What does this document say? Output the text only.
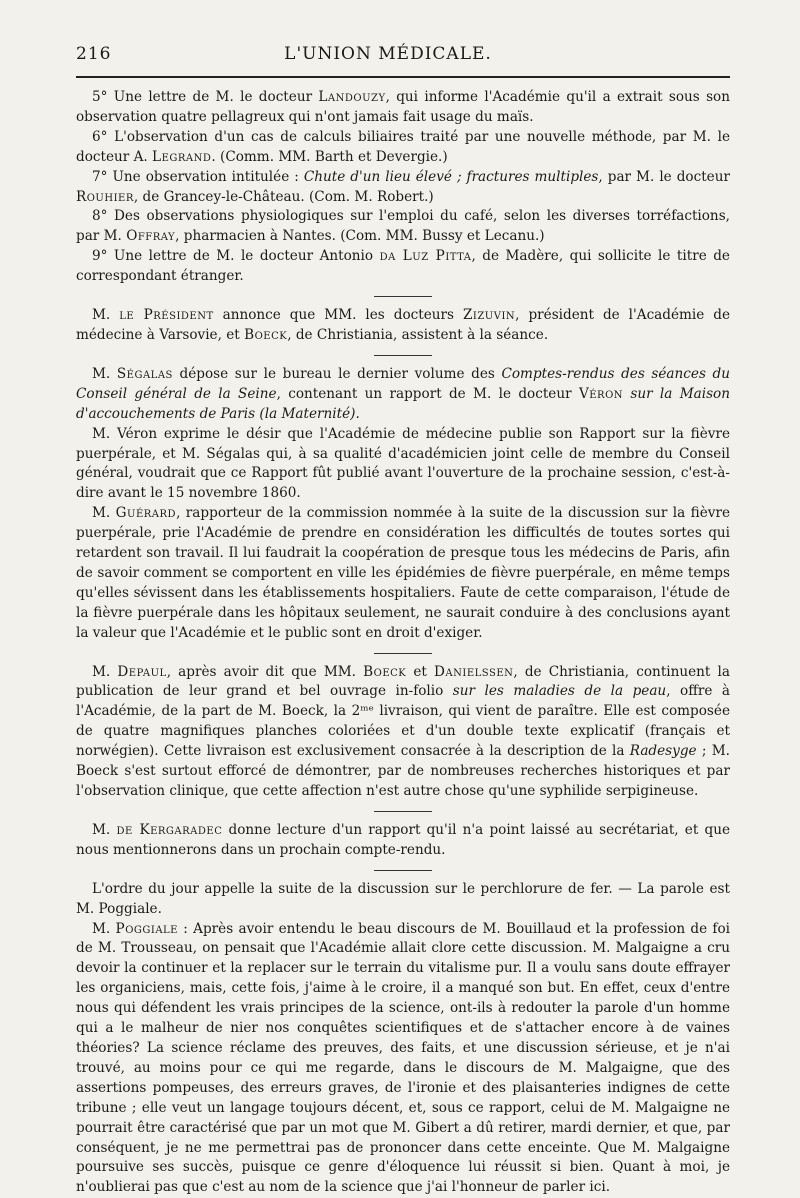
216	L'UNION MÉDICALE.

5° Une lettre de M. le docteur Landouzy, qui informe l'Académie qu'il a extrait sous son observation quatre pellagreux qui n'ont jamais fait usage du maïs.

6° L'observation d'un cas de calculs biliaires traité par une nouvelle méthode, par M. le docteur A. Legrand. (Comm. MM. Barth et Devergie.)

7° Une observation intitulée : Chute d'un lieu élevé ; fractures multiples, par M. le docteur Rouhier, de Grancey-le-Château. (Com. M. Robert.)

8° Des observations physiologiques sur l'emploi du café, selon les diverses torréfactions, par M. Offray, pharmacien à Nantes. (Com. MM. Bussy et Lecanu.)

9° Une lettre de M. le docteur Antonio da Luz Pitta, de Madère, qui sollicite le titre de correspondant étranger.

M. le Président annonce que MM. les docteurs Zizuvin, président de l'Académie de médecine à Varsovie, et Boeck, de Christiania, assistent à la séance.

M. Ségalas dépose sur le bureau le dernier volume des Comptes-rendus des séances du Conseil général de la Seine, contenant un rapport de M. le docteur Véron sur la Maison d'accouchements de Paris (la Maternité).

M. Véron exprime le désir que l'Académie de médecine publie son Rapport sur la fièvre puerpérale, et M. Ségalas qui, à sa qualité d'académicien joint celle de membre du Conseil général, voudrait que ce Rapport fût publié avant l'ouverture de la prochaine session, c'est-à-dire avant le 15 novembre 1860.

M. Guérard, rapporteur de la commission nommée à la suite de la discussion sur la fièvre puerpérale, prie l'Académie de prendre en considération les difficultés de toutes sortes qui retardent son travail. Il lui faudrait la coopération de presque tous les médecins de Paris, afin de savoir comment se comportent en ville les épidémies de fièvre puerpérale, en même temps qu'elles sévissent dans les établissements hospitaliers. Faute de cette comparaison, l'étude de la fièvre puerpérale dans les hôpitaux seulement, ne saurait conduire à des conclusions ayant la valeur que l'Académie et le public sont en droit d'exiger.

M. Depaul, après avoir dit que MM. Boeck et Danielssen, de Christiania, continuent la publication de leur grand et bel ouvrage in-folio sur les maladies de la peau, offre à l'Académie, de la part de M. Boeck, la 2ᵐᵉ livraison, qui vient de paraître. Elle est composée de quatre magnifiques planches coloriées et d'un double texte explicatif (français et norwégien). Cette livraison est exclusivement consacrée à la description de la Radesyge ; M. Boeck s'est surtout efforcé de démontrer, par de nombreuses recherches historiques et par l'observation clinique, que cette affection n'est autre chose qu'une syphilide serpigineuse.

M. de Kergaradec donne lecture d'un rapport qu'il n'a point laissé au secrétariat, et que nous mentionnerons dans un prochain compte-rendu.

L'ordre du jour appelle la suite de la discussion sur le perchlorure de fer. — La parole est M. Poggiale.

M. Poggiale : Après avoir entendu le beau discours de M. Bouillaud et la profession de foi de M. Trousseau, on pensait que l'Académie allait clore cette discussion. M. Malgaigne a cru devoir la continuer et la replacer sur le terrain du vitalisme pur. Il a voulu sans doute effrayer les organiciens, mais, cette fois, j'aime à le croire, il a manqué son but. En effet, ceux d'entre nous qui défendent les vrais principes de la science, ont-ils à redouter la parole d'un homme qui a le malheur de nier nos conquêtes scientifiques et de s'attacher encore à de vaines théories? La science réclame des preuves, des faits, et une discussion sérieuse, et je n'ai trouvé, au moins pour ce qui me regarde, dans le discours de M. Malgaigne, que des assertions pompeuses, des erreurs graves, de l'ironie et des plaisanteries indignes de cette tribune ; elle veut un langage toujours décent, et, sous ce rapport, celui de M. Malgaigne ne pourrait être caractérisé que par un mot que M. Gibert a dû retirer, mardi dernier, et que, par conséquent, je ne me permettrai pas de prononcer dans cette enceinte. Que M. Malgaigne poursuive ses succès, puisque ce genre d'éloquence lui réussit si bien. Quant à moi, je n'oublierai pas que c'est au nom de la science que j'ai l'honneur de parler ici.
